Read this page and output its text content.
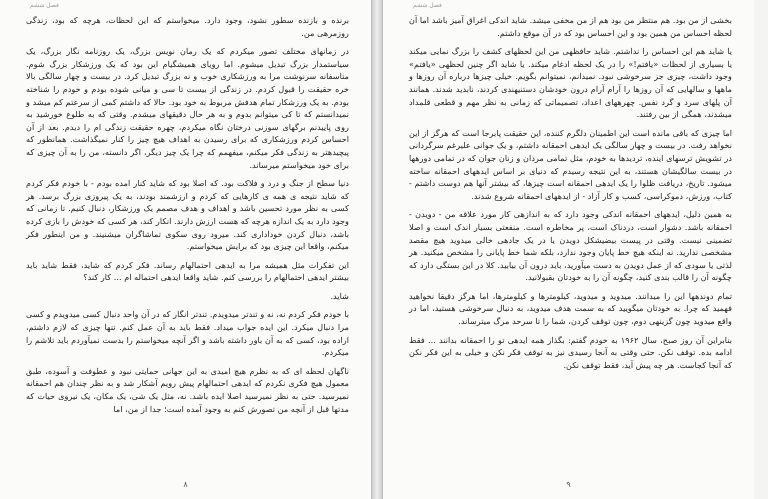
فصل ششم

برنده و بازنده سطور نشود، وجود دارد. میخواستم که این لحظات، هرچه که بود، زندگی روزمرهی من.

در زمانهای مختلف تصور میکردم که یک رمان نویس بزرگ، یک روزنامه نگار بزرگ، یک سیاستمدار بزرگ تبدیل میشوم. اما رویای همیشگیام این بود که یک ورزشکار بزرگ شوم. متاسفانه سرنوشت مرا به ورزشکاری خوب و نه بزرگ تبدیل کرد. در بیست و چهار سالگی بالا خره حقیقت را قبول کردم. در زندگی از بیست تا سی و میانی شوده بودم و خودم را شناخته بودم. به یک ورزشکار تمام هدفش مربوط به خود بود. حالا که داشتم کمی از سرعتم کم میشد و نمیدانستم که تا کی میتوانم بدوم و به هر حال دقیقهای میشدم. وقتی که به طلوع خورشید به روی پاییدنم برگهای سوزنی درختان نگاه میکردم، چهره حقیقت زندگی ام را دیدم. بعد از آن احساس کردم ورزشکاری که برای رسیدن به اهداف هیچ چیز را کنار نمیگذاشت. همانطور که پیچیدهتر به زندگی فکر میکنم، میفهمم که چرا یک چیز دیگر، اگر دانسته، من را به آن چیزی که برای خود میخواستم میرساند.

دنیا سطح از جنگ و درد و فلاکت بود. که اصلا بود که شاید کنار امده بودم - با خودم فکر کردم که شاید نتیجه ی همه ی کارهایی که کردم و ارزشمند بودند، به یک پیروزی بزرگ برسد. هر کسی به نظر مورد تحسین باشد و اهداف و هدف مصمم یک ورزشکار، دنبال کنیم. تا زمانی که وجود دارد به یک اندازه هرچه که هست ارزش دارند. انکار کند، هر کسی که خودش را بازی کرده باشد، دنبال کردن خوداداری کند. میرود روی سکوی تماشاگران میشنیند. و من اینطور فکر میکنم، واقعا این چیزی بود که برایش میخواستم.

این تفکرات مثل همیشه مرا به ایدهی احتمالهام رساند. فکر کردم که شاید، فقط شاید باید بیشتر ایدهی احتمالهام را بررسی کنم. شاید واقعا ایدهی احتماله ام ... کار کند؟

شاید.

با خودم فکر کردم نه، نه و تندتر میدویدم. تندتر انگار که در آن واحد دنبال کسی میدویدم و کسی مرا دنبال میکرد. این ایده جواب میداد. فقط باید به آن عمل کنم. تنها چیزی که لازم داشتم، اراده بود، کسی که به آن باور داشته باشد و اگر آنچه میخواستم را بدست نمیآوردم باید تلاشم را میکردم.

ناگهان لحظه ای که به نظرم هیچ امیدی به این جهانی حمایتی نبود و عطوفت و آسوده، طبق معمول هیچ فکری نکردم که ایدهی احتمالهام پیش رویم آشکار شد و به نظر چندان هم احمقانه نمیرسید. حتی به نظر نمیرسید اصلا ایده باشد. نه، مثل یک شی، یک مکان، یک نیروی حیات که مدتها قبل از آنچه من تصورش کنم به وجود آمده است؛ جدا از من، اما

۸
فصل ششم

بخشی از من بود. هم منتظر من بود هم از من مخفی میشد. شاید اندکی اغراق آمیز باشد اما آن لحظه احساس من همین بود و این احساس بود که در آن موقع داشتم.

یا شاید هم این احساس را نداشتم. شاید حافظهی من این لحظهای کشف را بزرگ نمایی میکند یا بسیاری از لحظات «یافتم!» را در یک لحظه ادغام میکند. یا شاید اگر چنین لحظهی «یافتم» وجود داشت، چیزی جز سرخوشی نبود. نمیدانم، نمیتوانم بگویم. خیلی چیزها درباره آن روزها و ماهها و سالهایی که آن روزها را آرام آرام درون خودشان دستنیهندی کردند، نابدید شدند. همانند آن پلهای سرد و گرد نفس. چهرههای اعداد، تصمیماتی که زمانی به نظر مهم و قطعی قلمداد میشدند، همگی از بین رفتند.

اما چیزی که باقی مانده است این اطمینان دلگرم کننده، این حقیقت پابرجا است که هرگز از این نخواهد رفت. در بیست و چهار سالگی یک ایدهی احمقانه داشتم، و یک جوانی علیرغم سرگردانی در تشویش ترسهای اینده، تردیدها به خودم، مثل تمامی مردان و زنان جوان که در تمامی دورهها در بیست سالگیشان هستند، به این نتیجه رسیدم که دنیای بر اساس ایدههای احمقانه ساخته میشود. تاریخ، دریافت ظلوا را یک ایدهی احمقانه است چیزها، که بیشتر آنها هم دوست داشتم - کتاب، ورزش، دموکراسی، کسب و کار آزاد - از ایدههای احمقانه شروع شدند.

به همین دلیل، ایدههای احمقانه اندکی وجود دارد که به اندازهی کار مورد علاقه من - دویدن - احمقانه باشد. دشوار است، دردناک است، پر مخاطره است. منفعتی بسیار اندک است و اصلا تضمینی نیست. وقتی در پیست بیضیشکل دویدن یا در یک جادهی خالی میدوید هیچ مقصد مشخصی ندارید. نه اینکه هیچ خط پایان وجود ندارد، بلکه شما خط پایانی را مشخص میکنید. هر لذتی یا سودی که از عمل دویدن به دست میآورید، باید درون آن بیابید. کلا در این بستگی دارد که چگونه آن را قالب بندی کنید، چگونه آن را به خودتان بقبولانید.

تمام دوندهها این را میدانند. میدوید و میدوید، کیلومترها و کیلومترها، اما هرگز دقیقا نخواهید فهمید که چرا. به خودتان میگویید که به سمت هدف میدوید، به دنبال سرخوشی هستید، اما در واقع میدوید چون گزینهی دوم، چون توقف کردن، شما را تا سرحد مرگ میترساند.

بنابراین آن روز صبح، سال ۱۹۶۲ به خودم گفتم: بگذار همه ایدهی تو را احمقانه بدانند ... فقط ادامه بده. توقف نکن. حتی وقتی به آنجا رسیدی نیز به توقف فکر نکن و خیلی به این فکر نکن که آنجا کجاست. هر چه پیش آید، فقط توقف نکن.

۹
